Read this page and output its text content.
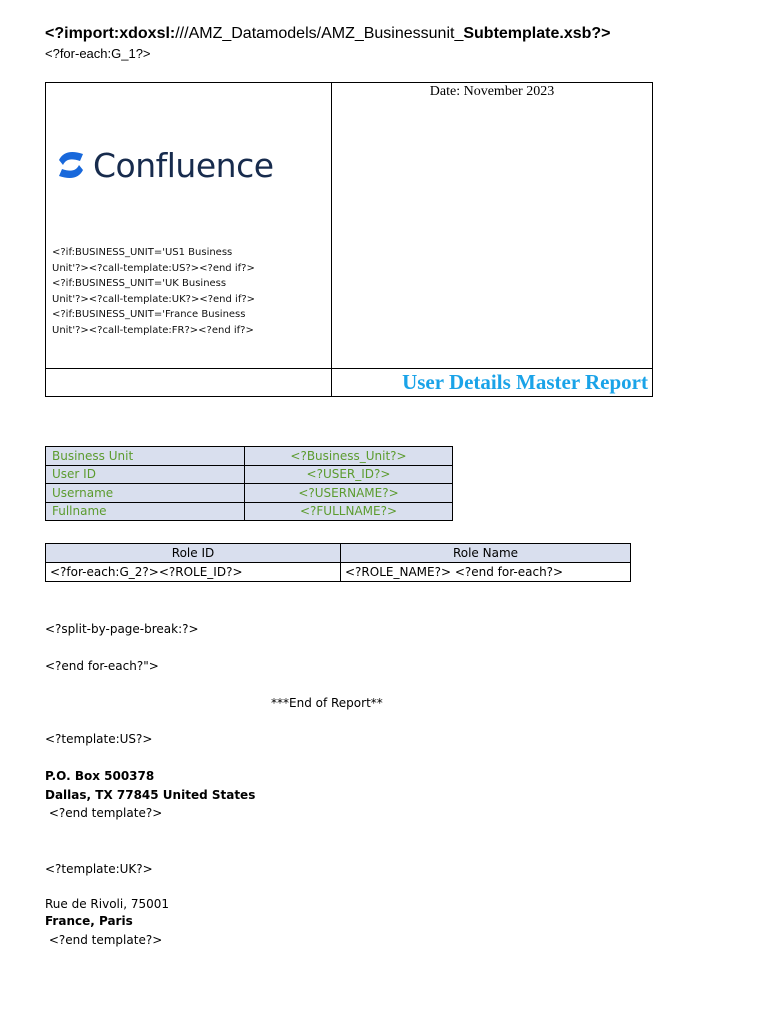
<?import:xdoxsl:///AMZ_Datamodels/AMZ_Businessunit_Subtemplate.xsb?>
<?for-each:G_1?>
Date: November 2023
Confluence
<?if:BUSINESS_UNIT='US1 Business
Unit'?><?call-template:US?><?end if?>
<?if:BUSINESS_UNIT='UK Business
Unit'?><?call-template:UK?><?end if?>
<?if:BUSINESS_UNIT='France Business
Unit'?><?call-template:FR?><?end if?>
User Details Master Report
Business Unit	<?Business_Unit?>
User ID	<?USER_ID?>
Username	<?USERNAME?>
Fullname	<?FULLNAME?>
Role ID	Role Name
<?for-each:G_2?><?ROLE_ID?>	<?ROLE_NAME?> <?end for-each?>
<?split-by-page-break:?>
<?end for-each?">
***End of Report**
<?template:US?>
P.O. Box 500378
Dallas, TX 77845 United States
<?end template?>
<?template:UK?>
Rue de Rivoli, 75001
France, Paris
<?end template?>
